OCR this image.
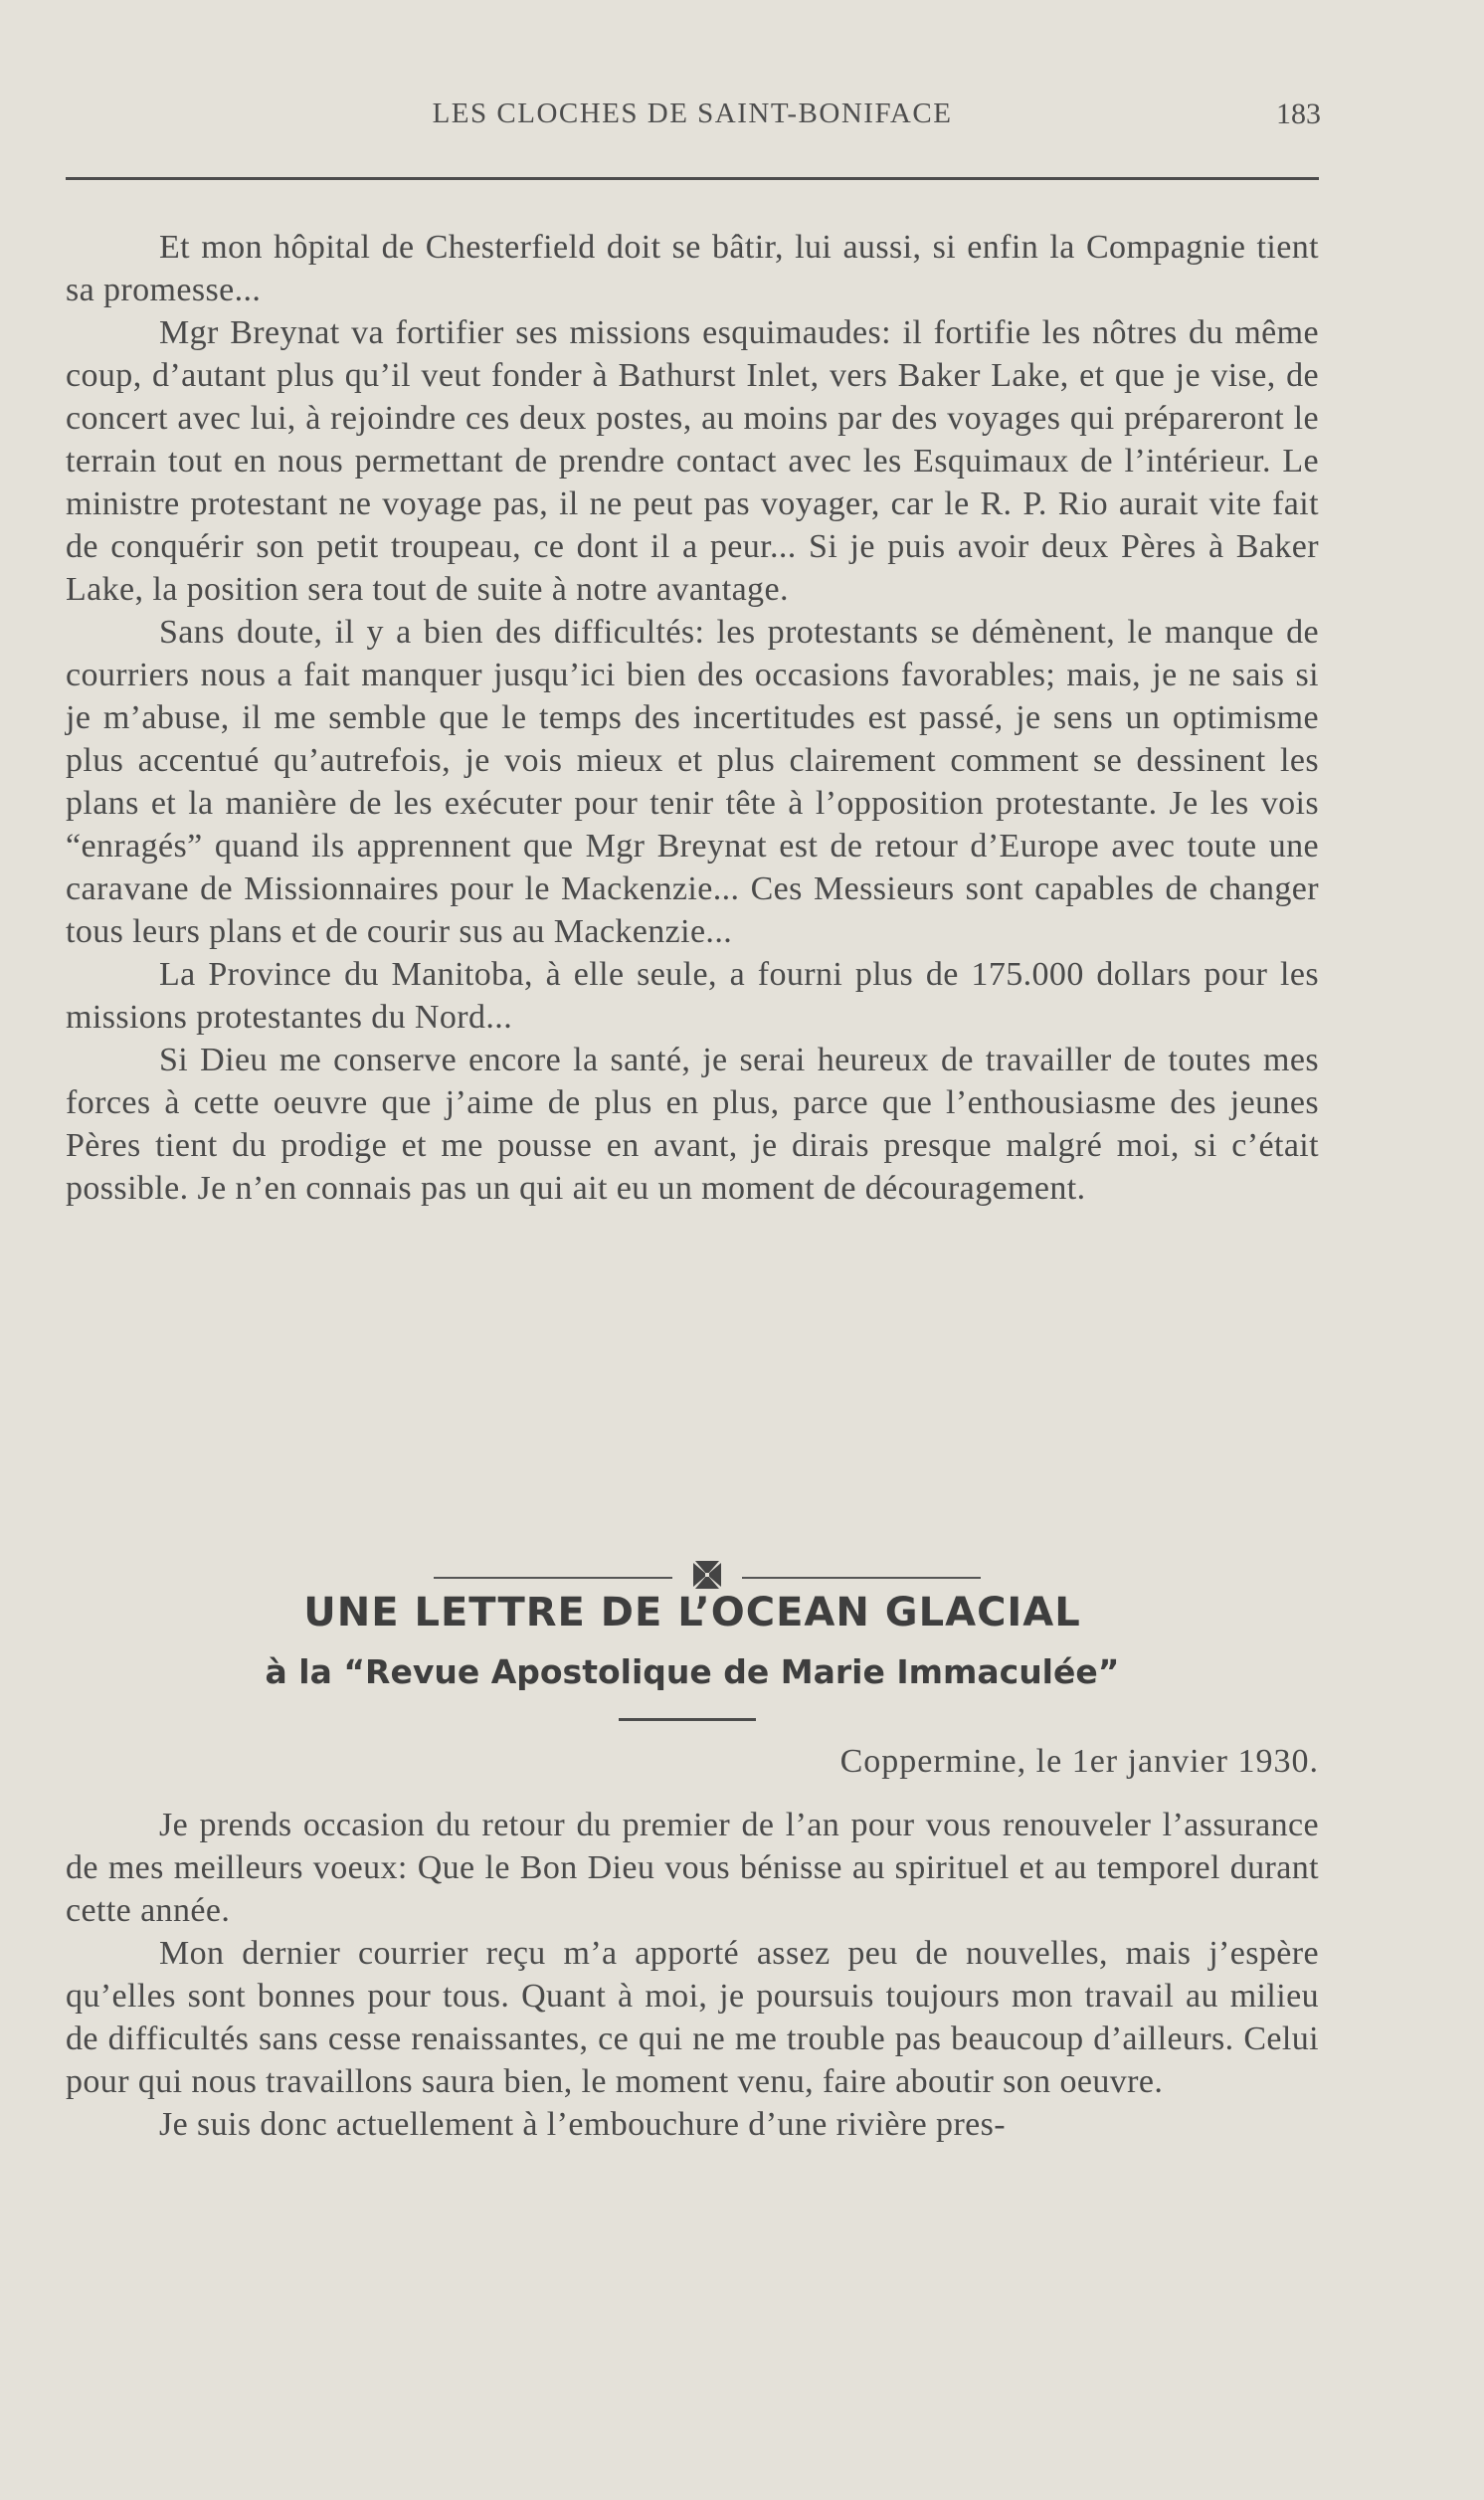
LES CLOCHES DE SAINT-BONIFACE	183

Et mon hôpital de Chesterfield doit se bâtir, lui aussi, si enfin la Compagnie tient sa promesse...

Mgr Breynat va fortifier ses missions esquimaudes: il fortifie les nôtres du même coup, d’autant plus qu’il veut fonder à Bathurst Inlet, vers Baker Lake, et que je vise, de concert avec lui, à rejoindre ces deux postes, au moins par des voyages qui prépareront le terrain tout en nous permettant de prendre contact avec les Esquimaux de l’intérieur. Le ministre protestant ne voyage pas, il ne peut pas voyager, car le R. P. Rio aurait vite fait de conquérir son petit troupeau, ce dont il a peur... Si je puis avoir deux Pères à Baker Lake, la position sera tout de suite à notre avantage.

Sans doute, il y a bien des difficultés: les protestants se démènent, le manque de courriers nous a fait manquer jusqu’ici bien des occasions favorables; mais, je ne sais si je m’abuse, il me semble que le temps des incertitudes est passé, je sens un optimisme plus accentué qu’autrefois, je vois mieux et plus clairement comment se dessinent les plans et la manière de les exécuter pour tenir tête à l’opposition protestante. Je les vois “enragés” quand ils apprennent que Mgr Breynat est de retour d’Europe avec toute une caravane de Missionnaires pour le Mackenzie... Ces Messieurs sont capables de changer tous leurs plans et de courir sus au Mackenzie...

La Province du Manitoba, à elle seule, a fourni plus de 175.000 dollars pour les missions protestantes du Nord...

Si Dieu me conserve encore la santé, je serai heureux de travailler de toutes mes forces à cette oeuvre que j’aime de plus en plus, parce que l’enthousiasme des jeunes Pères tient du prodige et me pousse en avant, je dirais presque malgré moi, si c’était possible. Je n’en connais pas un qui ait eu un moment de découragement.

UNE LETTRE DE L’OCEAN GLACIAL
à la “Revue Apostolique de Marie Immaculée”
Coppermine, le 1er janvier 1930.

Je prends occasion du retour du premier de l’an pour vous renouveler l’assurance de mes meilleurs voeux: Que le Bon Dieu vous bénisse au spirituel et au temporel durant cette année.

Mon dernier courrier reçu m’a apporté assez peu de nouvelles, mais j’espère qu’elles sont bonnes pour tous. Quant à moi, je poursuis toujours mon travail au milieu de difficultés sans cesse renaissantes, ce qui ne me trouble pas beaucoup d’ailleurs. Celui pour qui nous travaillons saura bien, le moment venu, faire aboutir son oeuvre.

Je suis donc actuellement à l’embouchure d’une rivière pres-
